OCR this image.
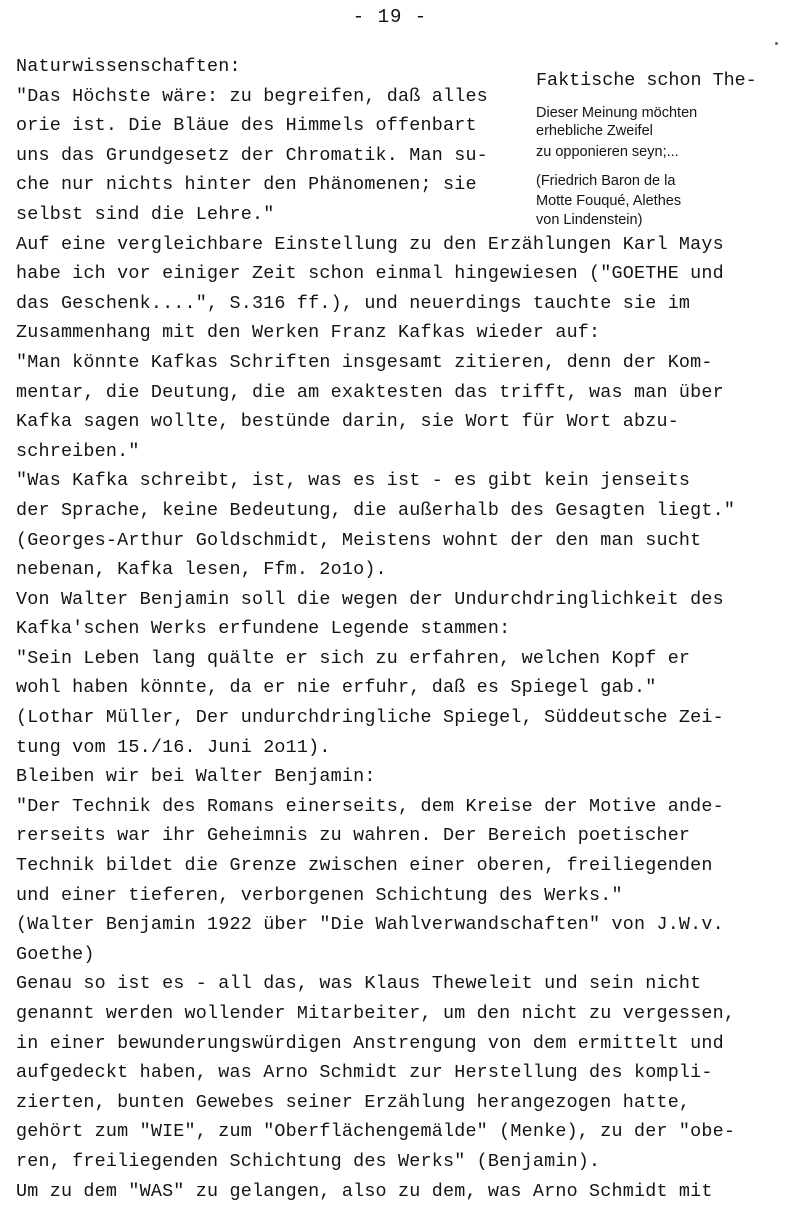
- 19 -
Naturwissenschaften:
"Das Höchste wäre: zu begreifen, daß alles
orie ist. Die Bläue des Himmels offenbart
uns das Grundgesetz der Chromatik. Man su-
che nur nichts hinter den Phänomenen; sie
selbst sind die Lehre."
Auf eine vergleichbare Einstellung zu den Erzählungen Karl Mays
habe ich vor einiger Zeit schon einmal hingewiesen ("GOETHE und
das Geschenk....", S.316 ff.), und neuerdings tauchte sie im
Zusammenhang mit den Werken Franz Kafkas wieder auf:
"Man könnte Kafkas Schriften insgesamt zitieren, denn der Kom-
mentar, die Deutung, die am exaktesten das trifft, was man über
Kafka sagen wollte, bestünde darin, sie Wort für Wort abzu-
schreiben."
"Was Kafka schreibt, ist, was es ist - es gibt kein jenseits
der Sprache, keine Bedeutung, die außerhalb des Gesagten liegt."
(Georges-Arthur Goldschmidt, Meistens wohnt der den man sucht
nebenan, Kafka lesen, Ffm. 2o1o).
Von Walter Benjamin soll die wegen der Undurchdringlichkeit des
Kafka'schen Werks erfundene Legende stammen:
"Sein Leben lang quälte er sich zu erfahren, welchen Kopf er
wohl haben könnte, da er nie erfuhr, daß es Spiegel gab."
(Lothar Müller, Der undurchdringliche Spiegel, Süddeutsche Zei-
tung vom 15./16. Juni 2o11).
Bleiben wir bei Walter Benjamin:
"Der Technik des Romans einerseits, dem Kreise der Motive ande-
rerseits war ihr Geheimnis zu wahren. Der Bereich poetischer
Technik bildet die Grenze zwischen einer oberen, freiliegenden
und einer tieferen, verborgenen Schichtung des Werks."
(Walter Benjamin 1922 über "Die Wahlverwandschaften" von J.W.v.
Goethe)
Genau so ist es - all das, was Klaus Theweleit und sein nicht
genannt werden wollender Mitarbeiter, um den nicht zu vergessen,
in einer bewunderungswürdigen Anstrengung von dem ermittelt und
aufgedeckt haben, was Arno Schmidt zur Herstellung des kompli-
zierten, bunten Gewebes seiner Erzählung herangezogen hatte,
gehört zum "WIE", zum "Oberflächengemälde" (Menke), zu der "obe-
ren, freiliegenden Schichtung des Werks" (Benjamin).
Um zu dem "WAS" zu gelangen, also zu dem, was Arno Schmidt mit
Faktische schon The-
Dieser Meinung möchten
erhebliche Zweifel
zu opponieren seyn;...
(Friedrich Baron de la
Motte Fouqué, Alethes
von Lindenstein)
